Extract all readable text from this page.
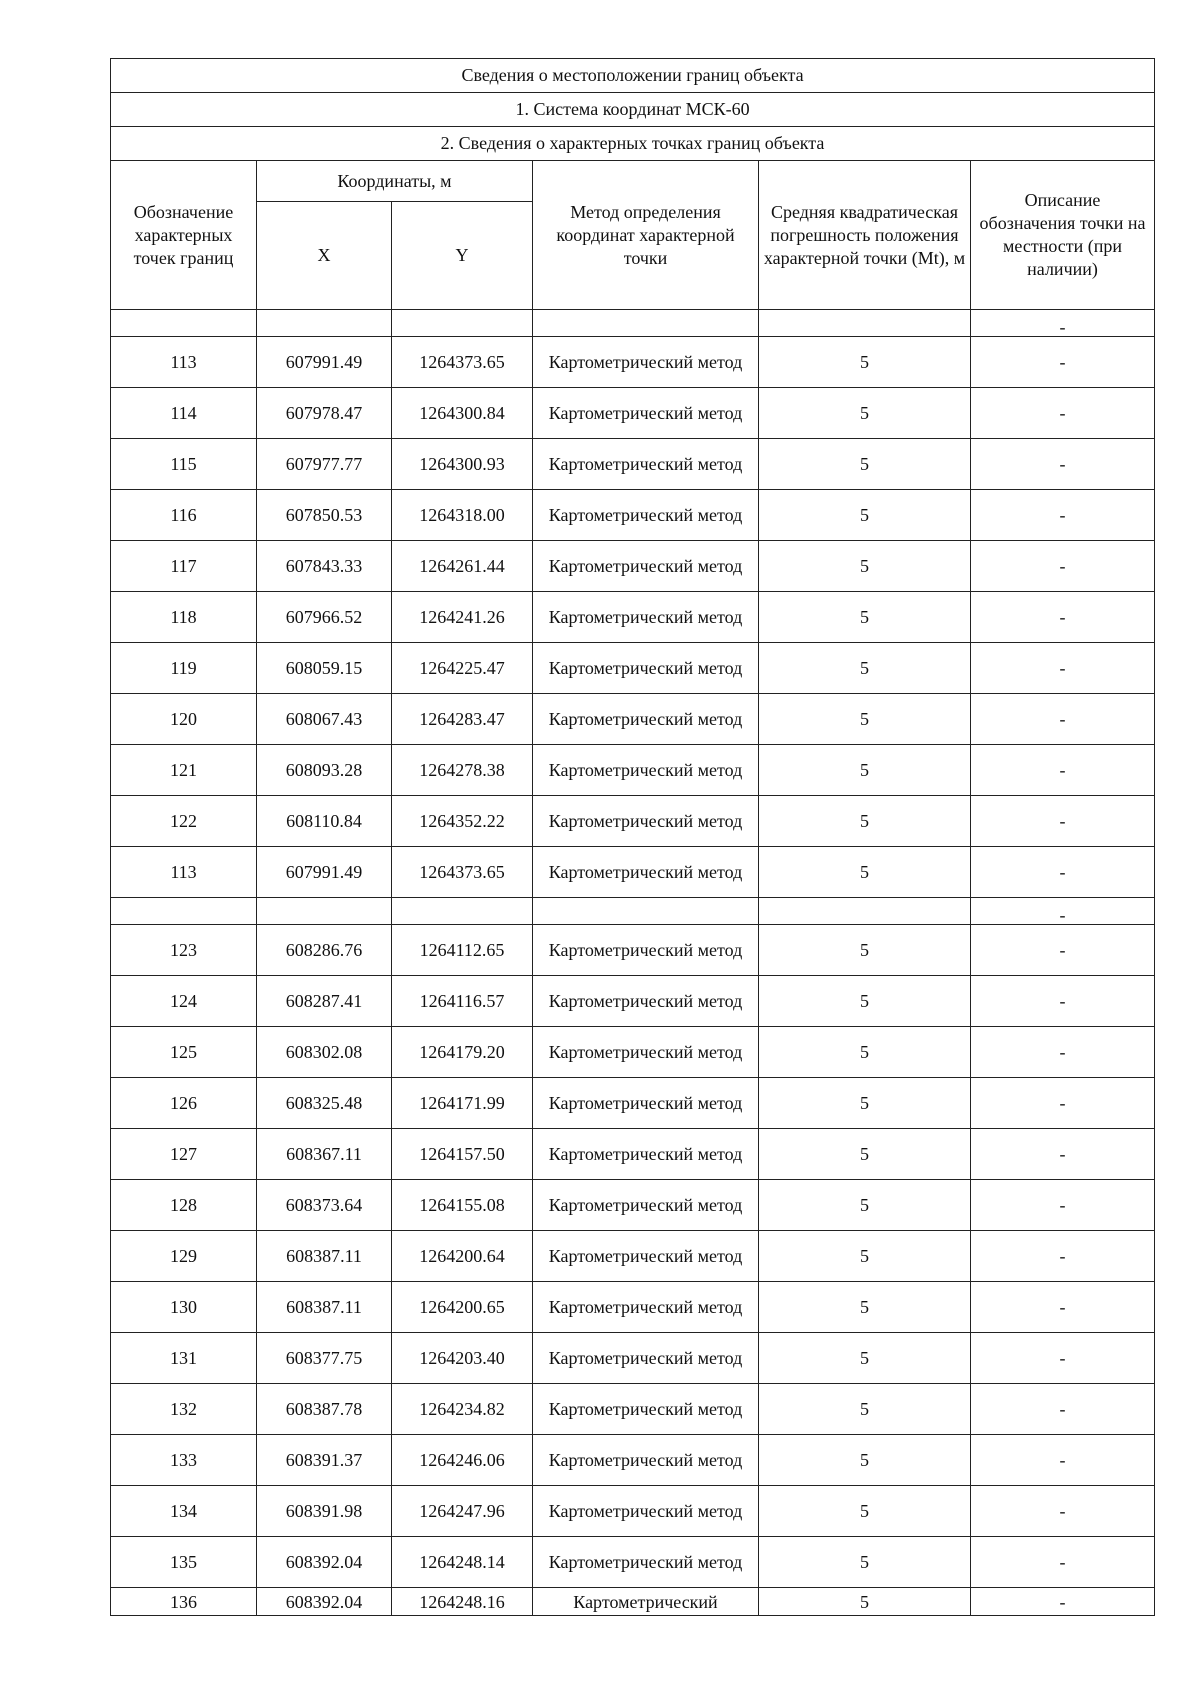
Сведения о местоположении границ объекта					
1. Система координат МСК-60					
2. Сведения о характерных точках границ объекта					
Обозначение характерных точек границ	Координаты, м		Метод определения координат характерной точки	Средняя квадратическая погрешность положения характерной точки (Mt), м	Описание обозначения точки на местности (при наличии)
	X	Y			
					-
113	607991.49	1264373.65	Картометрический метод	5	-
114	607978.47	1264300.84	Картометрический метод	5	-
115	607977.77	1264300.93	Картометрический метод	5	-
116	607850.53	1264318.00	Картометрический метод	5	-
117	607843.33	1264261.44	Картометрический метод	5	-
118	607966.52	1264241.26	Картометрический метод	5	-
119	608059.15	1264225.47	Картометрический метод	5	-
120	608067.43	1264283.47	Картометрический метод	5	-
121	608093.28	1264278.38	Картометрический метод	5	-
122	608110.84	1264352.22	Картометрический метод	5	-
113	607991.49	1264373.65	Картометрический метод	5	-
					-
123	608286.76	1264112.65	Картометрический метод	5	-
124	608287.41	1264116.57	Картометрический метод	5	-
125	608302.08	1264179.20	Картометрический метод	5	-
126	608325.48	1264171.99	Картометрический метод	5	-
127	608367.11	1264157.50	Картометрический метод	5	-
128	608373.64	1264155.08	Картометрический метод	5	-
129	608387.11	1264200.64	Картометрический метод	5	-
130	608387.11	1264200.65	Картометрический метод	5	-
131	608377.75	1264203.40	Картометрический метод	5	-
132	608387.78	1264234.82	Картометрический метод	5	-
133	608391.37	1264246.06	Картометрический метод	5	-
134	608391.98	1264247.96	Картометрический метод	5	-
135	608392.04	1264248.14	Картометрический метод	5	-
136	608392.04	1264248.16	Картометрический	5	-
